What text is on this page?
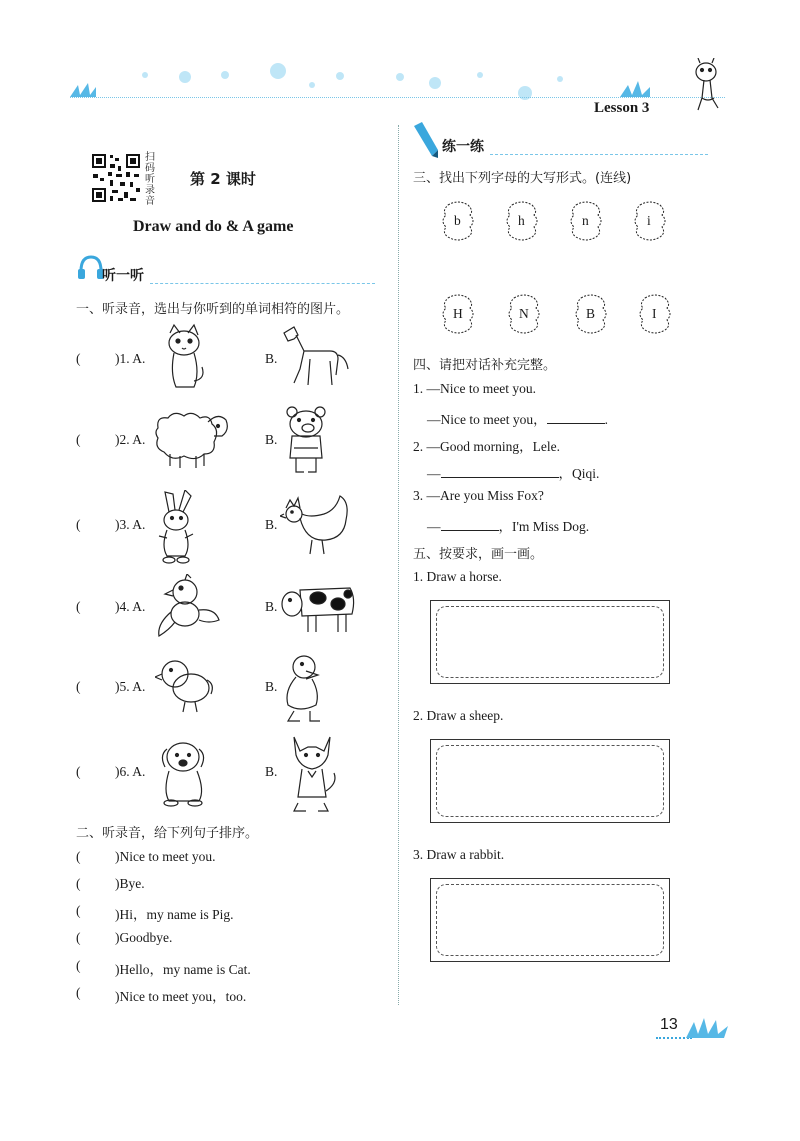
Lesson 3
扫
码
听
录
音
第 2 课时
Draw and do & A game
听一听
一、听录音，选出与你听到的单词相符的图片。
(	)1. A.	B.
(	)2. A.	B.
(	)3. A.	B.
(	)4. A.	B.
(	)5. A.	B.
(	)6. A.	B.
二、听录音，给下列句子排序。
(	)Nice to meet you.
(	)Bye.
(	)Hi，my name is Pig.
(	)Goodbye.
(	)Hello，my name is Cat.
(	)Nice to meet you，too.
练一练
三、找出下列字母的大写形式。(连线)
b	h	n	i
H	N	B	I
四、请把对话补充完整。
1. —Nice to meet you.
—Nice to meet you，	.
2. —Good morning，Lele.
—	，Qiqi.
3. —Are you Miss Fox?
—	，I'm Miss Dog.
五、按要求，画一画。
1. Draw a horse.
2. Draw a sheep.
3. Draw a rabbit.
13
